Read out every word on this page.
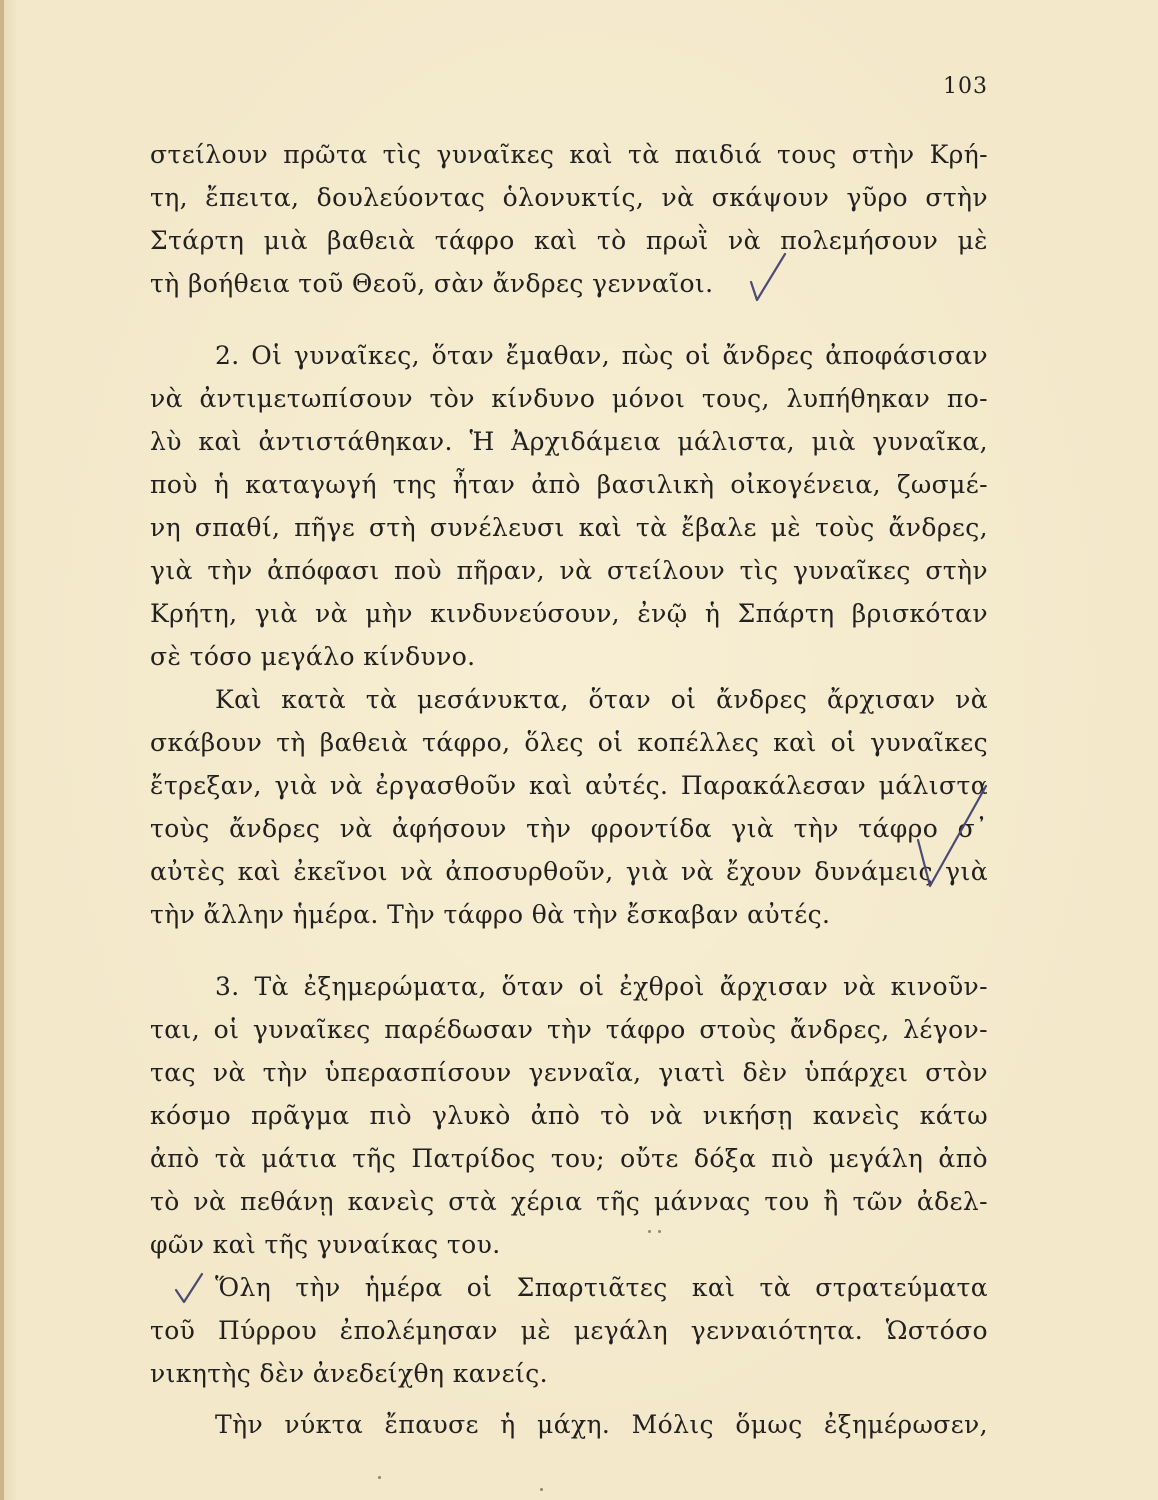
103
στείλουν πρῶτα τὶς γυναῖκες καὶ τὰ παιδιά τους στὴν Κρή-
τη, ἔπειτα, δουλεύοντας ὁλονυκτίς, νὰ σκάψουν γῦρο στὴν
Στάρτη μιὰ βαθειὰ τάφρο καὶ τὸ πρωῒ νὰ πολεμήσουν μὲ
τὴ βοήθεια τοῦ Θεοῦ, σὰν ἄνδρες γενναῖοι.
2. Οἱ γυναῖκες, ὅταν ἔμαθαν, πὼς οἱ ἄνδρες ἀποφάσισαν
νὰ ἀντιμετωπίσουν τὸν κίνδυνο μόνοι τους, λυπήθηκαν πο-
λὺ καὶ ἀντιστάθηκαν. Ἡ Ἀρχιδάμεια μάλιστα, μιὰ γυναῖκα,
ποὺ ἡ καταγωγή της ἦταν ἀπὸ βασιλικὴ οἰκογένεια, ζωσμέ-
νη σπαθί, πῆγε στὴ συνέλευσι καὶ τὰ ἔβαλε μὲ τοὺς ἄνδρες,
γιὰ τὴν ἀπόφασι ποὺ πῆραν, νὰ στείλουν τὶς γυναῖκες στὴν
Κρήτη, γιὰ νὰ μὴν κινδυνεύσουν, ἐνῷ ἡ Σπάρτη βρισκόταν
σὲ τόσο μεγάλο κίνδυνο.
Καὶ κατὰ τὰ μεσάνυκτα, ὅταν οἱ ἄνδρες ἄρχισαν νὰ
σκάβουν τὴ βαθειὰ τάφρο, ὅλες οἱ κοπέλλες καὶ οἱ γυναῖκες
ἔτρεξαν, γιὰ νὰ ἐργασθοῦν καὶ αὐτές. Παρακάλεσαν μάλιστα
τοὺς ἄνδρες νὰ ἀφήσουν τὴν φροντίδα γιὰ τὴν τάφρο σ᾽
αὐτὲς καὶ ἐκεῖνοι νὰ ἀποσυρθοῦν, γιὰ νὰ ἔχουν δυνάμεις γιὰ
τὴν ἄλλην ἡμέρα. Τὴν τάφρο θὰ τὴν ἔσκαβαν αὐτές.
3. Τὰ ἐξημερώματα, ὅταν οἱ ἐχθροὶ ἄρχισαν νὰ κινοῦν-
ται, οἱ γυναῖκες παρέδωσαν τὴν τάφρο στοὺς ἄνδρες, λέγον-
τας νὰ τὴν ὑπερασπίσουν γενναῖα, γιατὶ δὲν ὑπάρχει στὸν
κόσμο πρᾶγμα πιὸ γλυκὸ ἀπὸ τὸ νὰ νικήσῃ κανεὶς κάτω
ἀπὸ τὰ μάτια τῆς Πατρίδος του; οὔτε δόξα πιὸ μεγάλη ἀπὸ
τὸ νὰ πεθάνῃ κανεὶς στὰ χέρια τῆς μάννας του ἢ τῶν ἀδελ-
φῶν καὶ τῆς γυναίκας του.
Ὅλη τὴν ἡμέρα οἱ Σπαρτιᾶτες καὶ τὰ στρατεύματα
τοῦ Πύρρου ἐπολέμησαν μὲ μεγάλη γενναιότητα. Ὡστόσο
νικητὴς δὲν ἀνεδείχθη κανείς.
Τὴν νύκτα ἔπαυσε ἡ μάχη. Μόλις ὅμως ἐξημέρωσεν,
